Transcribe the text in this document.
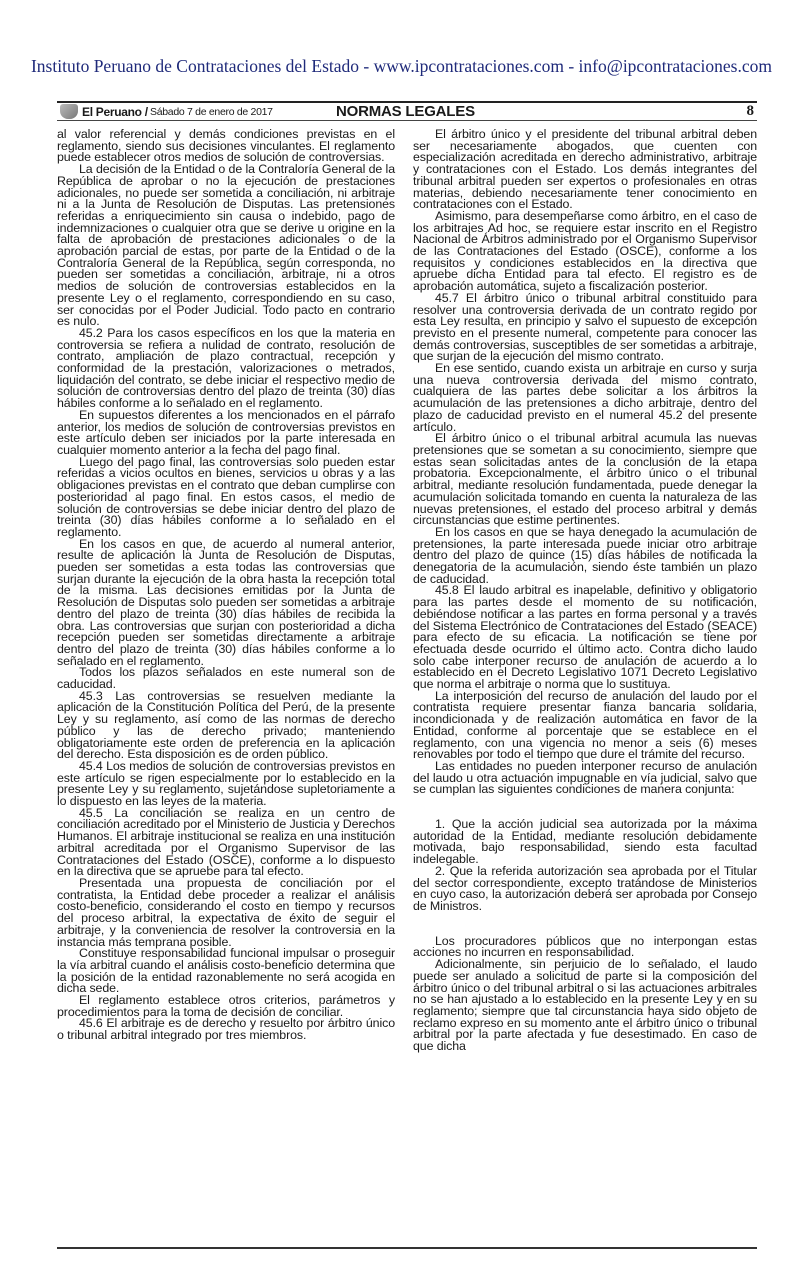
Instituto Peruano de Contrataciones del Estado - www.ipcontrataciones.com - info@ipcontrataciones.com
El Peruano / Sábado 7 de enero de 2017	NORMAS LEGALES	8

al valor referencial y demás condiciones previstas en el reglamento, siendo sus decisiones vinculantes. El reglamento puede establecer otros medios de solución de controversias.

La decisión de la Entidad o de la Contraloría General de la República de aprobar o no la ejecución de prestaciones adicionales, no puede ser sometida a conciliación, ni arbitraje ni a la Junta de Resolución de Disputas. Las pretensiones referidas a enriquecimiento sin causa o indebido, pago de indemnizaciones o cualquier otra que se derive u origine en la falta de aprobación de prestaciones adicionales o de la aprobación parcial de estas, por parte de la Entidad o de la Contraloría General de la República, según corresponda, no pueden ser sometidas a conciliación, arbitraje, ni a otros medios de solución de controversias establecidos en la presente Ley o el reglamento, correspondiendo en su caso, ser conocidas por el Poder Judicial. Todo pacto en contrario es nulo.

45.2 Para los casos específicos en los que la materia en controversia se refiera a nulidad de contrato, resolución de contrato, ampliación de plazo contractual, recepción y conformidad de la prestación, valorizaciones o metrados, liquidación del contrato, se debe iniciar el respectivo medio de solución de controversias dentro del plazo de treinta (30) días hábiles conforme a lo señalado en el reglamento.

En supuestos diferentes a los mencionados en el párrafo anterior, los medios de solución de controversias previstos en este artículo deben ser iniciados por la parte interesada en cualquier momento anterior a la fecha del pago final.

Luego del pago final, las controversias solo pueden estar referidas a vicios ocultos en bienes, servicios u obras y a las obligaciones previstas en el contrato que deban cumplirse con posterioridad al pago final. En estos casos, el medio de solución de controversias se debe iniciar dentro del plazo de treinta (30) días hábiles conforme a lo señalado en el reglamento.

En los casos en que, de acuerdo al numeral anterior, resulte de aplicación la Junta de Resolución de Disputas, pueden ser sometidas a esta todas las controversias que surjan durante la ejecución de la obra hasta la recepción total de la misma. Las decisiones emitidas por la Junta de Resolución de Disputas solo pueden ser sometidas a arbitraje dentro del plazo de treinta (30) días hábiles de recibida la obra. Las controversias que surjan con posterioridad a dicha recepción pueden ser sometidas directamente a arbitraje dentro del plazo de treinta (30) días hábiles conforme a lo señalado en el reglamento.

Todos los plazos señalados en este numeral son de caducidad.

45.3 Las controversias se resuelven mediante la aplicación de la Constitución Política del Perú, de la presente Ley y su reglamento, así como de las normas de derecho público y las de derecho privado; manteniendo obligatoriamente este orden de preferencia en la aplicación del derecho. Esta disposición es de orden público.

45.4 Los medios de solución de controversias previstos en este artículo se rigen especialmente por lo establecido en la presente Ley y su reglamento, sujetándose supletoriamente a lo dispuesto en las leyes de la materia.

45.5 La conciliación se realiza en un centro de conciliación acreditado por el Ministerio de Justicia y Derechos Humanos. El arbitraje institucional se realiza en una institución arbitral acreditada por el Organismo Supervisor de las Contrataciones del Estado (OSCE), conforme a lo dispuesto en la directiva que se apruebe para tal efecto.

Presentada una propuesta de conciliación por el contratista, la Entidad debe proceder a realizar el análisis costo-beneficio, considerando el costo en tiempo y recursos del proceso arbitral, la expectativa de éxito de seguir el arbitraje, y la conveniencia de resolver la controversia en la instancia más temprana posible.

Constituye responsabilidad funcional impulsar o proseguir la vía arbitral cuando el análisis costo-beneficio determina que la posición de la entidad razonablemente no será acogida en dicha sede.

El reglamento establece otros criterios, parámetros y procedimientos para la toma de decisión de conciliar.

45.6 El arbitraje es de derecho y resuelto por árbitro único o tribunal arbitral integrado por tres miembros.

El árbitro único y el presidente del tribunal arbitral deben ser necesariamente abogados, que cuenten con especialización acreditada en derecho administrativo, arbitraje y contrataciones con el Estado. Los demás integrantes del tribunal arbitral pueden ser expertos o profesionales en otras materias, debiendo necesariamente tener conocimiento en contrataciones con el Estado.

Asimismo, para desempeñarse como árbitro, en el caso de los arbitrajes Ad hoc, se requiere estar inscrito en el Registro Nacional de Árbitros administrado por el Organismo Supervisor de las Contrataciones del Estado (OSCE), conforme a los requisitos y condiciones establecidos en la directiva que apruebe dicha Entidad para tal efecto. El registro es de aprobación automática, sujeto a fiscalización posterior.

45.7 El árbitro único o tribunal arbitral constituido para resolver una controversia derivada de un contrato regido por esta Ley resulta, en principio y salvo el supuesto de excepción previsto en el presente numeral, competente para conocer las demás controversias, susceptibles de ser sometidas a arbitraje, que surjan de la ejecución del mismo contrato.

En ese sentido, cuando exista un arbitraje en curso y surja una nueva controversia derivada del mismo contrato, cualquiera de las partes debe solicitar a los árbitros la acumulación de las pretensiones a dicho arbitraje, dentro del plazo de caducidad previsto en el numeral 45.2 del presente artículo.

El árbitro único o el tribunal arbitral acumula las nuevas pretensiones que se sometan a su conocimiento, siempre que estas sean solicitadas antes de la conclusión de la etapa probatoria. Excepcionalmente, el árbitro único o el tribunal arbitral, mediante resolución fundamentada, puede denegar la acumulación solicitada tomando en cuenta la naturaleza de las nuevas pretensiones, el estado del proceso arbitral y demás circunstancias que estime pertinentes.

En los casos en que se haya denegado la acumulación de pretensiones, la parte interesada puede iniciar otro arbitraje dentro del plazo de quince (15) días hábiles de notificada la denegatoria de la acumulación, siendo éste también un plazo de caducidad.

45.8 El laudo arbitral es inapelable, definitivo y obligatorio para las partes desde el momento de su notificación, debiéndose notificar a las partes en forma personal y a través del Sistema Electrónico de Contrataciones del Estado (SEACE) para efecto de su eficacia. La notificación se tiene por efectuada desde ocurrido el último acto. Contra dicho laudo solo cabe interponer recurso de anulación de acuerdo a lo establecido en el Decreto Legislativo 1071 Decreto Legislativo que norma el arbitraje o norma que lo sustituya.

La interposición del recurso de anulación del laudo por el contratista requiere presentar fianza bancaria solidaria, incondicionada y de realización automática en favor de la Entidad, conforme al porcentaje que se establece en el reglamento, con una vigencia no menor a seis (6) meses renovables por todo el tiempo que dure el trámite del recurso.

Las entidades no pueden interponer recurso de anulación del laudo u otra actuación impugnable en vía judicial, salvo que se cumplan las siguientes condiciones de manera conjunta:

1. Que la acción judicial sea autorizada por la máxima autoridad de la Entidad, mediante resolución debidamente motivada, bajo responsabilidad, siendo esta facultad indelegable.

2. Que la referida autorización sea aprobada por el Titular del sector correspondiente, excepto tratándose de Ministerios en cuyo caso, la autorización deberá ser aprobada por Consejo de Ministros.

Los procuradores públicos que no interpongan estas acciones no incurren en responsabilidad.

Adicionalmente, sin perjuicio de lo señalado, el laudo puede ser anulado a solicitud de parte si la composición del árbitro único o del tribunal arbitral o si las actuaciones arbitrales no se han ajustado a lo establecido en la presente Ley y en su reglamento; siempre que tal circunstancia haya sido objeto de reclamo expreso en su momento ante el árbitro único o tribunal arbitral por la parte afectada y fue desestimado. En caso de que dicha
